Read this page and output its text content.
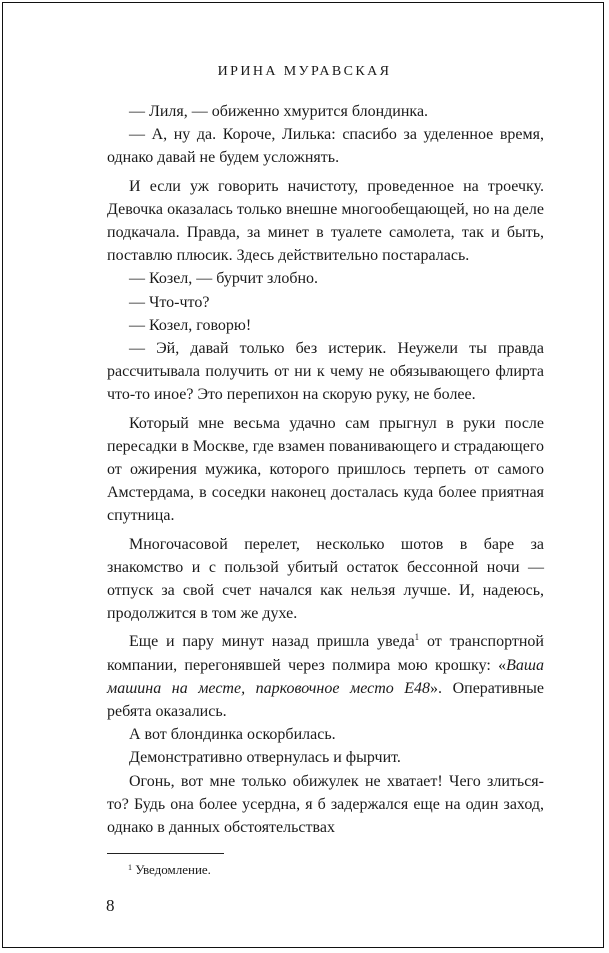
ИРИНА МУРАВСКАЯ

— Лиля, — обиженно хмурится блондинка.

— А, ну да. Короче, Лилька: спасибо за уделенное время, однако давай не будем усложнять.

И если уж говорить начистоту, проведенное на троечку. Девочка оказалась только внешне многообещающей, но на деле подкачала. Правда, за минет в туалете самолета, так и быть, поставлю плюсик. Здесь действительно постаралась.

— Козел, — бурчит злобно.

— Что-что?

— Козел, говорю!

— Эй, давай только без истерик. Неужели ты правда рассчитывала получить от ни к чему не обязывающего флирта что-то иное? Это перепихон на скорую руку, не более.

Который мне весьма удачно сам прыгнул в руки после пересадки в Москве, где взамен пованивающего и страдающего от ожирения мужика, которого пришлось терпеть от самого Амстердама, в соседки наконец досталась куда более приятная спутница.

Многочасовой перелет, несколько шотов в баре за знакомство и с пользой убитый остаток бессонной ночи — отпуск за свой счет начался как нельзя лучше. И, надеюсь, продолжится в том же духе.

Еще и пару минут назад пришла уведа$^1$ от транспортной компании, перегонявшей через полмира мою крошку: «Ваша машина на месте, парковочное место Е48». Оперативные ребята оказались.

А вот блондинка оскорбилась.

Демонстративно отвернулась и фырчит.

Огонь, вот мне только обижулек не хватает! Чего злиться-то? Будь она более усердна, я б задержался еще на один заход, однако в данных обстоятельствах

$^1$ Уведомление.
8
